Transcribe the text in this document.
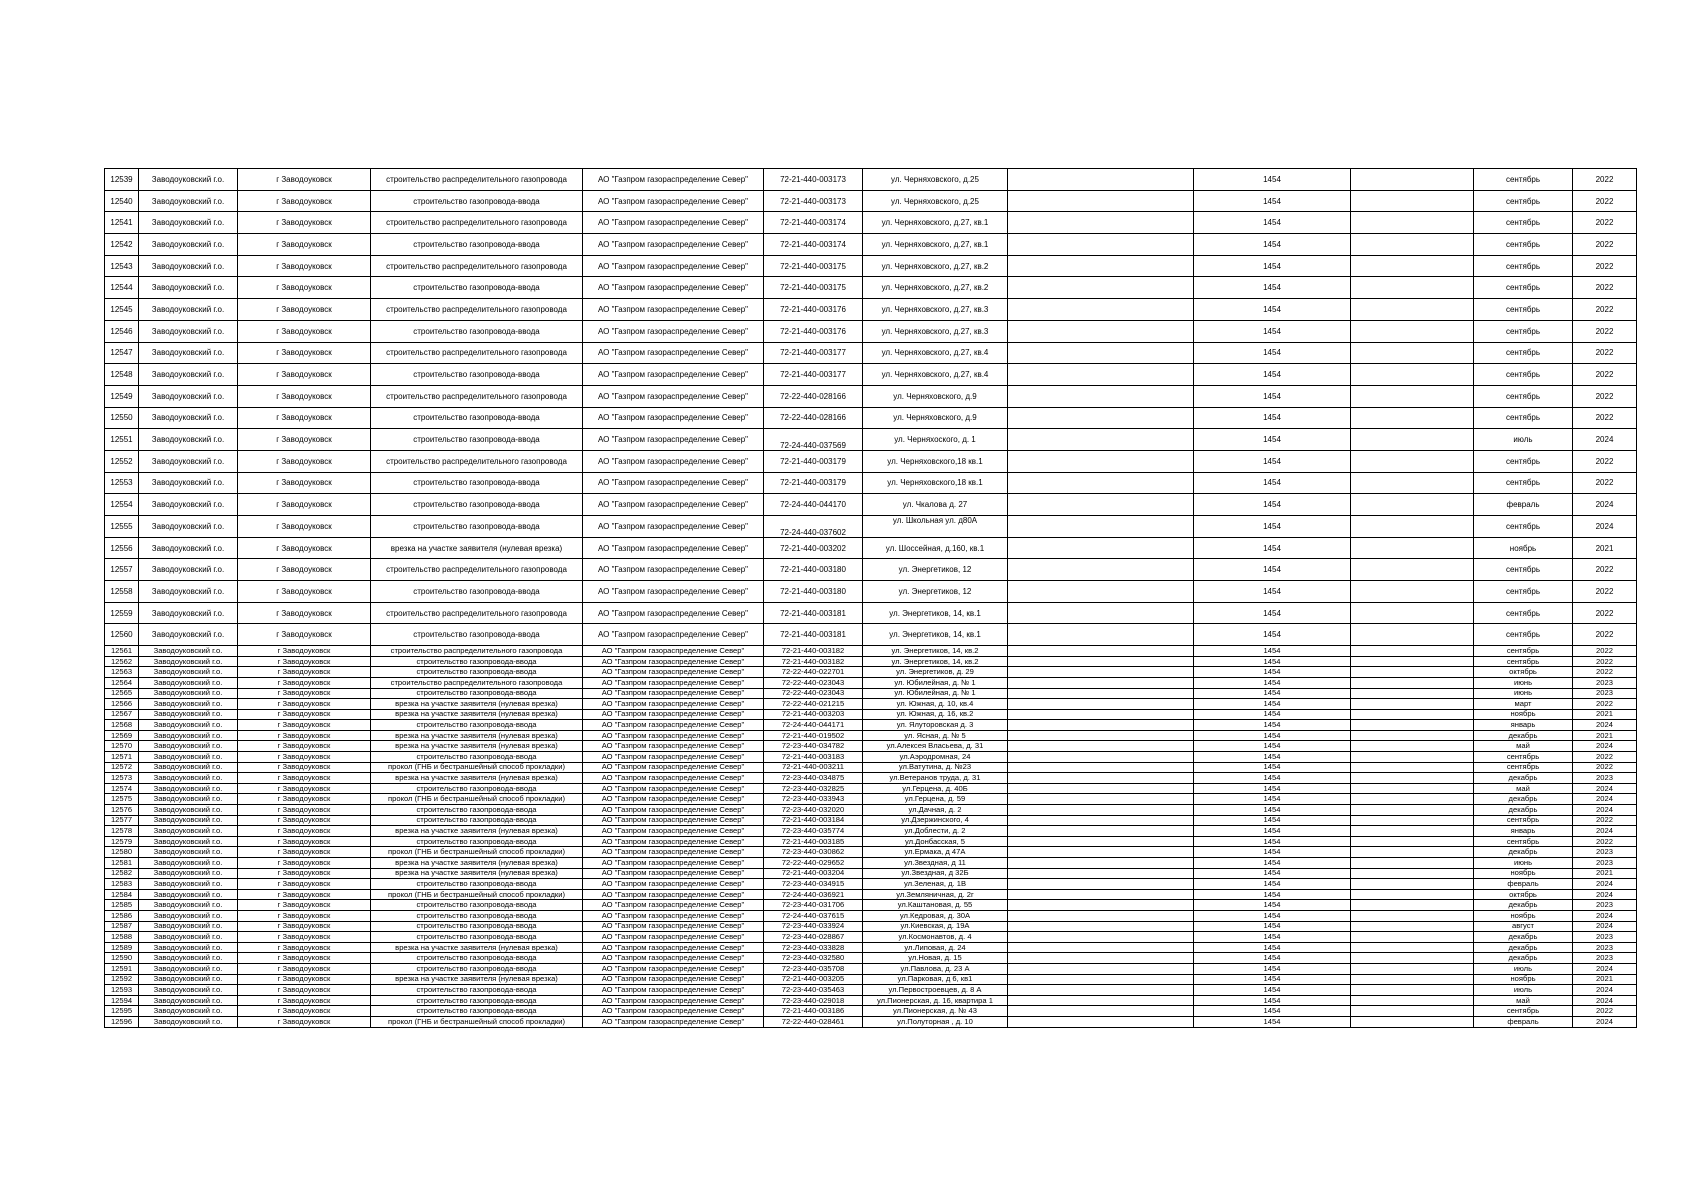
12539	Заводоуковский г.о.	г Заводоуковск	строительство распределительного газопровода	АО "Газпром газораспределение Север"	72-21-440-003173	ул. Черняховского, д.25		1454		сентябрь	2022
12540	Заводоуковский г.о.	г Заводоуковск	строительство газопровода-ввода	АО "Газпром газораспределение Север"	72-21-440-003173	ул. Черняховского, д.25		1454		сентябрь	2022
12541	Заводоуковский г.о.	г Заводоуковск	строительство распределительного газопровода	АО "Газпром газораспределение Север"	72-21-440-003174	ул. Черняховского, д.27, кв.1		1454		сентябрь	2022
12542	Заводоуковский г.о.	г Заводоуковск	строительство газопровода-ввода	АО "Газпром газораспределение Север"	72-21-440-003174	ул. Черняховского, д.27, кв.1		1454		сентябрь	2022
12543	Заводоуковский г.о.	г Заводоуковск	строительство распределительного газопровода	АО "Газпром газораспределение Север"	72-21-440-003175	ул. Черняховского, д.27, кв.2		1454		сентябрь	2022
12544	Заводоуковский г.о.	г Заводоуковск	строительство газопровода-ввода	АО "Газпром газораспределение Север"	72-21-440-003175	ул. Черняховского, д.27, кв.2		1454		сентябрь	2022
12545	Заводоуковский г.о.	г Заводоуковск	строительство распределительного газопровода	АО "Газпром газораспределение Север"	72-21-440-003176	ул. Черняховского, д.27, кв.3		1454		сентябрь	2022
12546	Заводоуковский г.о.	г Заводоуковск	строительство газопровода-ввода	АО "Газпром газораспределение Север"	72-21-440-003176	ул. Черняховского, д.27, кв.3		1454		сентябрь	2022
12547	Заводоуковский г.о.	г Заводоуковск	строительство распределительного газопровода	АО "Газпром газораспределение Север"	72-21-440-003177	ул. Черняховского, д.27, кв.4		1454		сентябрь	2022
12548	Заводоуковский г.о.	г Заводоуковск	строительство газопровода-ввода	АО "Газпром газораспределение Север"	72-21-440-003177	ул. Черняховского, д.27, кв.4		1454		сентябрь	2022
12549	Заводоуковский г.о.	г Заводоуковск	строительство распределительного газопровода	АО "Газпром газораспределение Север"	72-22-440-028166	ул. Черняховского, д.9		1454		сентябрь	2022
12550	Заводоуковский г.о.	г Заводоуковск	строительство газопровода-ввода	АО "Газпром газораспределение Север"	72-22-440-028166	ул. Черняховского, д.9		1454		сентябрь	2022
12551	Заводоуковский г.о.	г Заводоуковск	строительство газопровода-ввода	АО "Газпром газораспределение Север"	72-24-440-037569	ул. Черняхоского, д. 1		1454		июль	2024
12552	Заводоуковский г.о.	г Заводоуковск	строительство распределительного газопровода	АО "Газпром газораспределение Север"	72-21-440-003179	ул. Черняховского,18 кв.1		1454		сентябрь	2022
12553	Заводоуковский г.о.	г Заводоуковск	строительство газопровода-ввода	АО "Газпром газораспределение Север"	72-21-440-003179	ул. Черняховского,18 кв.1		1454		сентябрь	2022
12554	Заводоуковский г.о.	г Заводоуковск	строительство газопровода-ввода	АО "Газпром газораспределение Север"	72-24-440-044170	ул. Чкалова д. 27		1454		февраль	2024
12555	Заводоуковский г.о.	г Заводоуковск	строительство газопровода-ввода	АО "Газпром газораспределение Север"	72-24-440-037602	ул. Школьная ул. д80А		1454		сентябрь	2024
12556	Заводоуковский г.о.	г Заводоуковск	врезка на участке заявителя (нулевая врезка)	АО "Газпром газораспределение Север"	72-21-440-003202	ул. Шоссейная, д.160, кв.1		1454		ноябрь	2021
12557	Заводоуковский г.о.	г Заводоуковск	строительство распределительного газопровода	АО "Газпром газораспределение Север"	72-21-440-003180	ул. Энергетиков, 12		1454		сентябрь	2022
12558	Заводоуковский г.о.	г Заводоуковск	строительство газопровода-ввода	АО "Газпром газораспределение Север"	72-21-440-003180	ул. Энергетиков, 12		1454		сентябрь	2022
12559	Заводоуковский г.о.	г Заводоуковск	строительство распределительного газопровода	АО "Газпром газораспределение Север"	72-21-440-003181	ул. Энергетиков, 14, кв.1		1454		сентябрь	2022
12560	Заводоуковский г.о.	г Заводоуковск	строительство газопровода-ввода	АО "Газпром газораспределение Север"	72-21-440-003181	ул. Энергетиков, 14, кв.1		1454		сентябрь	2022
12561	Заводоуковский г.о.	г Заводоуковск	строительство распределительного газопровода	АО "Газпром газораспределение Север"	72-21-440-003182	ул. Энергетиков, 14, кв.2		1454		сентябрь	2022
12562	Заводоуковский г.о.	г Заводоуковск	строительство газопровода-ввода	АО "Газпром газораспределение Север"	72-21-440-003182	ул. Энергетиков, 14, кв.2		1454		сентябрь	2022
12563	Заводоуковский г.о.	г Заводоуковск	строительство газопровода-ввода	АО "Газпром газораспределение Север"	72-22-440-022701	ул. Энергетиков, д. 29		1454		октябрь	2022
12564	Заводоуковский г.о.	г Заводоуковск	строительство распределительного газопровода	АО "Газпром газораспределение Север"	72-22-440-023043	ул. Юбилейная, д. № 1		1454		июнь	2023
12565	Заводоуковский г.о.	г Заводоуковск	строительство газопровода-ввода	АО "Газпром газораспределение Север"	72-22-440-023043	ул. Юбилейная, д. № 1		1454		июнь	2023
12566	Заводоуковский г.о.	г Заводоуковск	врезка на участке заявителя (нулевая врезка)	АО "Газпром газораспределение Север"	72-22-440-021215	ул. Южная, д. 10, кв.4		1454		март	2022
12567	Заводоуковский г.о.	г Заводоуковск	врезка на участке заявителя (нулевая врезка)	АО "Газпром газораспределение Север"	72-21-440-003203	ул. Южная, д. 16, кв.2		1454		ноябрь	2021
12568	Заводоуковский г.о.	г Заводоуковск	строительство газопровода-ввода	АО "Газпром газораспределение Север"	72-24-440-044171	ул. Ялуторовская д. 3		1454		январь	2024
12569	Заводоуковский г.о.	г Заводоуковск	врезка на участке заявителя (нулевая врезка)	АО "Газпром газораспределение Север"	72-21-440-019502	ул. Ясная, д. № 5		1454		декабрь	2021
12570	Заводоуковский г.о.	г Заводоуковск	врезка на участке заявителя (нулевая врезка)	АО "Газпром газораспределение Север"	72-23-440-034782	ул.Алексея Власьева, д. 31		1454		май	2024
12571	Заводоуковский г.о.	г Заводоуковск	строительство газопровода-ввода	АО "Газпром газораспределение Север"	72-21-440-003183	ул.Аэродромная, 24		1454		сентябрь	2022
12572	Заводоуковский г.о.	г Заводоуковск	прокол (ГНБ и бестраншейный способ прокладки)	АО "Газпром газораспределение Север"	72-21-440-003211	ул.Ватутина, д. №23		1454		сентябрь	2022
12573	Заводоуковский г.о.	г Заводоуковск	врезка на участке заявителя (нулевая врезка)	АО "Газпром газораспределение Север"	72-23-440-034875	ул.Ветеранов труда, д. 31		1454		декабрь	2023
12574	Заводоуковский г.о.	г Заводоуковск	строительство газопровода-ввода	АО "Газпром газораспределение Север"	72-23-440-032825	ул.Герцена, д. 40Б		1454		май	2024
12575	Заводоуковский г.о.	г Заводоуковск	прокол (ГНБ и бестраншейный способ прокладки)	АО "Газпром газораспределение Север"	72-23-440-033943	ул.Герцена, д. 59		1454		декабрь	2024
12576	Заводоуковский г.о.	г Заводоуковск	строительство газопровода-ввода	АО "Газпром газораспределение Север"	72-23-440-032020	ул.Дачная, д. 2		1454		декабрь	2024
12577	Заводоуковский г.о.	г Заводоуковск	строительство газопровода-ввода	АО "Газпром газораспределение Север"	72-21-440-003184	ул.Дзержинского, 4		1454		сентябрь	2022
12578	Заводоуковский г.о.	г Заводоуковск	врезка на участке заявителя (нулевая врезка)	АО "Газпром газораспределение Север"	72-23-440-035774	ул.Доблести, д. 2		1454		январь	2024
12579	Заводоуковский г.о.	г Заводоуковск	строительство газопровода-ввода	АО "Газпром газораспределение Север"	72-21-440-003185	ул.Донбасская, 5		1454		сентябрь	2022
12580	Заводоуковский г.о.	г Заводоуковск	прокол (ГНБ и бестраншейный способ прокладки)	АО "Газпром газораспределение Север"	72-23-440-030862	ул.Ермака, д 47А		1454		декабрь	2023
12581	Заводоуковский г.о.	г Заводоуковск	врезка на участке заявителя (нулевая врезка)	АО "Газпром газораспределение Север"	72-22-440-029652	ул.Звездная, д 11		1454		июнь	2023
12582	Заводоуковский г.о.	г Заводоуковск	врезка на участке заявителя (нулевая врезка)	АО "Газпром газораспределение Север"	72-21-440-003204	ул.Звездная, д 32Б		1454		ноябрь	2021
12583	Заводоуковский г.о.	г Заводоуковск	строительство газопровода-ввода	АО "Газпром газораспределение Север"	72-23-440-034915	ул.Зеленая, д. 1В		1454		февраль	2024
12584	Заводоуковский г.о.	г Заводоуковск	прокол (ГНБ и бестраншейный способ прокладки)	АО "Газпром газораспределение Север"	72-24-440-036921	ул.Земляничная, д. 2г		1454		октябрь	2024
12585	Заводоуковский г.о.	г Заводоуковск	строительство газопровода-ввода	АО "Газпром газораспределение Север"	72-23-440-031706	ул.Каштановая, д. 55		1454		декабрь	2023
12586	Заводоуковский г.о.	г Заводоуковск	строительство газопровода-ввода	АО "Газпром газораспределение Север"	72-24-440-037615	ул.Кедровая, д. 30А		1454		ноябрь	2024
12587	Заводоуковский г.о.	г Заводоуковск	строительство газопровода-ввода	АО "Газпром газораспределение Север"	72-23-440-033924	ул.Киевская, д. 19А		1454		август	2024
12588	Заводоуковский г.о.	г Заводоуковск	строительство газопровода-ввода	АО "Газпром газораспределение Север"	72-23-440-028867	ул.Космонавтов, д. 4		1454		декабрь	2023
12589	Заводоуковский г.о.	г Заводоуковск	врезка на участке заявителя (нулевая врезка)	АО "Газпром газораспределение Север"	72-23-440-033828	ул.Липовая, д. 24		1454		декабрь	2023
12590	Заводоуковский г.о.	г Заводоуковск	строительство газопровода-ввода	АО "Газпром газораспределение Север"	72-23-440-032580	ул.Новая, д. 15		1454		декабрь	2023
12591	Заводоуковский г.о.	г Заводоуковск	строительство газопровода-ввода	АО "Газпром газораспределение Север"	72-23-440-035708	ул.Павлова, д. 23 А		1454		июль	2024
12592	Заводоуковский г.о.	г Заводоуковск	врезка на участке заявителя (нулевая врезка)	АО "Газпром газораспределение Север"	72-21-440-003205	ул.Парковая, д 6, кв1		1454		ноябрь	2021
12593	Заводоуковский г.о.	г Заводоуковск	строительство газопровода-ввода	АО "Газпром газораспределение Север"	72-23-440-035463	ул.Первостроевцев, д. 8 А		1454		июль	2024
12594	Заводоуковский г.о.	г Заводоуковск	строительство газопровода-ввода	АО "Газпром газораспределение Север"	72-23-440-029018	ул.Пионерская, д. 16, квартира 1		1454		май	2024
12595	Заводоуковский г.о.	г Заводоуковск	строительство газопровода-ввода	АО "Газпром газораспределение Север"	72-21-440-003186	ул.Пионерская, д. № 43		1454		сентябрь	2022
12596	Заводоуковский г.о.	г Заводоуковск	прокол (ГНБ и бестраншейный способ прокладки)	АО "Газпром газораспределение Север"	72-22-440-028461	ул.Полуторная , д. 10		1454		февраль	2024
